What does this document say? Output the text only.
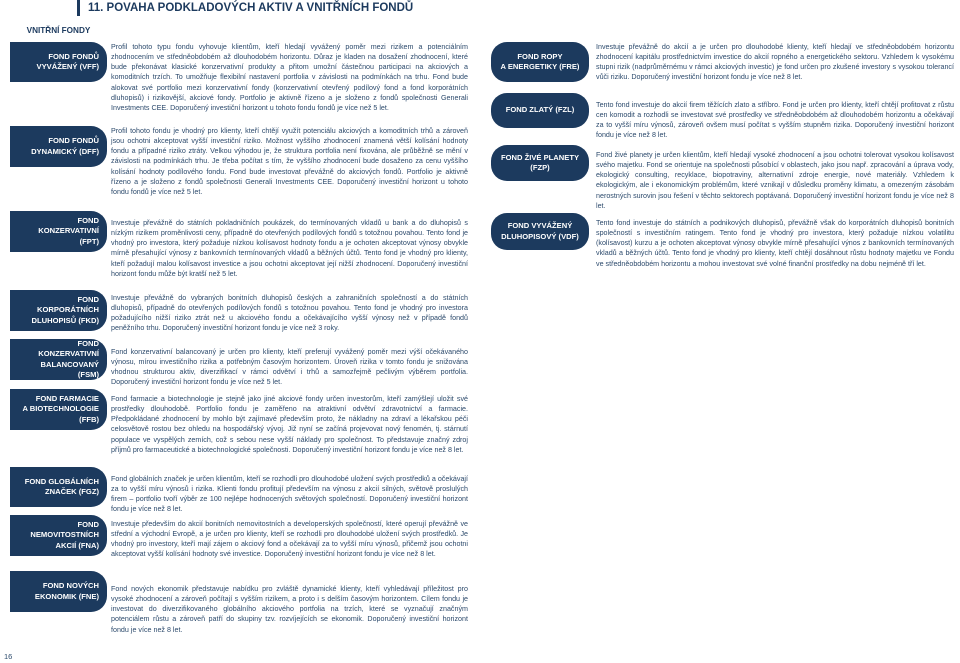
11. POVAHA PODKLADOVÝCH AKTIV A VNITŘNÍCH FONDŮ
VNITŘNÍ FONDY
FOND FONDŮ
VYVÁŽENÝ (VFF)
Profil tohoto typu fondu vyhovuje klientům, kteří hledají vyvážený poměr mezi rizikem a potenciálním zhodnocením ve středněobdobém až dlouhodobém horizontu. Důraz je kladen na dosažení zhodnocení, které bude překonávat klasické konzervativní produkty a přitom umožní částečnou participaci na akciových a komoditních trzích. To umožňuje flexibilní nastavení portfolia v závislosti na podmínkách na trhu. Fond bude alokovat své portfolio mezi konzervativní fondy (konzervativní otevřený podílový fond a fond korporátních dluhopisů) i rizikovější, akciové fondy. Portfolio je aktivně řízeno a je složeno z fondů společnosti Generali Investments CEE. Doporučený investiční horizont u tohoto fondu fondů je více než 5 let.
FOND FONDŮ
DYNAMICKÝ (DFF)
Profil tohoto fondu je vhodný pro klienty, kteří chtějí využít potenciálu akciových a komoditních trhů a zároveň jsou ochotni akceptovat vyšší investiční riziko. Možnost vyššího zhodnocení znamená větší kolísání hodnoty fondu a případné riziko ztráty. Velkou výhodou je, že struktura portfolia není fixována, ale průběžně se mění v závislosti na podmínkách trhu. Je třeba počítat s tím, že vyššího zhodnocení bude dosaženo za cenu vyššího kolísání hodnoty podílového fondu. Fond bude investovat převážně do akciových fondů. Portfolio je aktivně řízeno a je složeno z fondů společnosti Generali Investments CEE. Doporučený investiční horizont u tohoto fondu fondů je více než 5 let.
FOND
KONZERVATIVNÍ (FPT)
Investuje převážně do státních pokladničních poukázek, do termínovaných vkladů u bank a do dluhopisů s nízkým rizikem proměnlivosti ceny, případně do otevřených podílových fondů s totožnou povahou. Tento fond je vhodný pro investora, který požaduje nízkou kolísavost hodnoty fondu a je ochoten akceptovat výnosy obvykle mírně přesahující výnosy z bankovních termínovaných vkladů a běžných účtů. Tento fond je vhodný pro klienty, kteří požadují malou kolísavost investice a jsou ochotni akceptovat její nižší zhodnocení. Doporučený investiční horizont fondu může být kratší než 5 let.
FOND
KORPORÁTNÍCH
DLUHOPISŮ (FKD)
Investuje převážně do vybraných bonitních dluhopisů českých a zahraničních společností a do státních dluhopisů, případně do otevřených podílových fondů s totožnou povahou. Tento fond je vhodný pro investora požadujícího nižší riziko ztrát než u akciového fondu a očekávajícího vyšší výnosy než v případě fondů peněžního trhu. Doporučený investiční horizont fondu je více než 3 roky.
FOND
KONZERVATIVNÍ
BALANCOVANÝ (FSM)
Fond konzervativní balancovaný je určen pro klienty, kteří preferují vyvážený poměr mezi výší očekávaného výnosu, mírou investičního rizika a potřebným časovým horizontem. Úroveň rizika v tomto fondu je snižována vhodnou strukturou aktiv, diverzifikací v rámci odvětví i trhů a samozřejmě pečlivým výběrem portfolia. Doporučený investiční horizont fondu je více než 5 let.
FOND FARMACIE
A BIOTECHNOLOGIE
(FFB)
Fond farmacie a biotechnologie je stejně jako jiné akciové fondy určen investorům, kteří zamýšlejí uložit své prostředky dlouhodobě. Portfolio fondu je zaměřeno na atraktivní odvětví zdravotnictví a farmacie. Předpokládané zhodnocení by mohlo být zajímavé především proto, že nákladny na zdraví a lékařskou péči celosvětově rostou bez ohledu na hospodářský vývoj. Již nyní se začíná projevovat nový fenomén, tj. stárnutí populace ve vyspělých zemích, což s sebou nese vyšší náklady pro společnost. To představuje značný zdroj příjmů pro farmaceutické a biotechnologické společnosti. Doporučený investiční horizont fondu je více než 8 let.
FOND GLOBÁLNÍCH
ZNAČEK (FGZ)
Fond globálních značek je určen klientům, kteří se rozhodli pro dlouhodobé uložení svých prostředků a očekávají za to vyšší míru výnosů i rizika. Klienti fondu profitují především na výnosu z akcií silných, světově proslulých firem – portfolio tvoří výběr ze 100 nejlépe hodnocených světových společností. Doporučený investiční horizont fondu je více než 8 let.
FOND
NEMOVITOSTNÍCH
AKCIÍ (FNA)
Investuje především do akcií bonitních nemovitostních a developerských společností, které operují převážně ve střední a východní Evropě, a je určen pro klienty, kteří se rozhodli pro dlouhodobé uložení svých prostředků. Je vhodný pro investory, kteří mají zájem o akciový fond a očekávají za to vyšší míru výnosů, přičemž jsou ochotni akceptovat vyšší kolísání hodnoty své investice. Doporučený investiční horizont fondu je více než 8 let.
FOND NOVÝCH
EKONOMIK (FNE)
Fond nových ekonomik představuje nabídku pro zvláště dynamické klienty, kteří vyhledávají příležitost pro vysoké zhodnocení a zároveň počítají s vyšším rizikem, a proto i s delším časovým horizontem. Cílem fondu je investovat do diverzifikovaného globálního akciového portfolia na trzích, které se vyznačují značným potenciálem růstu a zároveň patří do skupiny tzv. rozvíjejících se ekonomik. Doporučený investiční horizont fondu je více než 8 let.
FOND ROPY
A ENERGETIKY (FRE)
Investuje převážně do akcií a je určen pro dlouhodobé klienty, kteří hledají ve středněobdobém horizontu zhodnocení kapitálu prostřednictvím investice do akcií ropného a energetického sektoru. Vzhledem k vysokému stupni rizik (nadprůměrnému v rámci akciových investic) je fond určen pro zkušené investory s vysokou tolerancí vůči riziku. Doporučený investiční horizont fondu je více než 8 let.
FOND ZLATÝ (FZL)
Tento fond investuje do akcií firem těžících zlato a stříbro. Fond je určen pro klienty, kteří chtějí profitovat z růstu cen komodit a rozhodli se investovat své prostředky ve středněobdobém až dlouhodobém horizontu a očekávají za to vyšší míru výnosů, zároveň ovšem musí počítat s vyšším stupněm rizika. Doporučený investiční horizont fondu je více než 8 let.
FOND ŽIVÉ PLANETY
(FZP)
Fond živé planety je určen klientům, kteří hledají vysoké zhodnocení a jsou ochotni tolerovat vysokou kolísavost svého majetku. Fond se orientuje na společnosti působící v oblastech, jako jsou např. zpracování a úprava vody, ekologický consulting, recyklace, biopotraviny, alternativní zdroje energie, nové materiály. Vzhledem k ekologickým, ale i ekonomickým problémům, které vznikají v důsledku proměny klimatu, a omezeným zásobám nerostných surovin jsou řešení v těchto sektorech poptávaná. Doporučený investiční horizont fondu je více než 8 let.
FOND VYVÁŽENÝ
DLUHOPISOVÝ (VDF)
Tento fond investuje do státních a podnikových dluhopisů, převážně však do korporátních dluhopisů bonitních společností s investičním ratingem. Tento fond je vhodný pro investora, který požaduje nízkou volatilitu (kolísavost) kurzu a je ochoten akceptovat výnosy obvykle mírně přesahující výnos z bankovních termínovaných vkladů a běžných účtů. Tento fond je vhodný pro klienty, kteří chtějí dosáhnout růstu hodnoty majetku ve Fondu ve středněobdobém horizontu a mohou investovat své volné finanční prostředky na dobu nejméně tří let.
16
